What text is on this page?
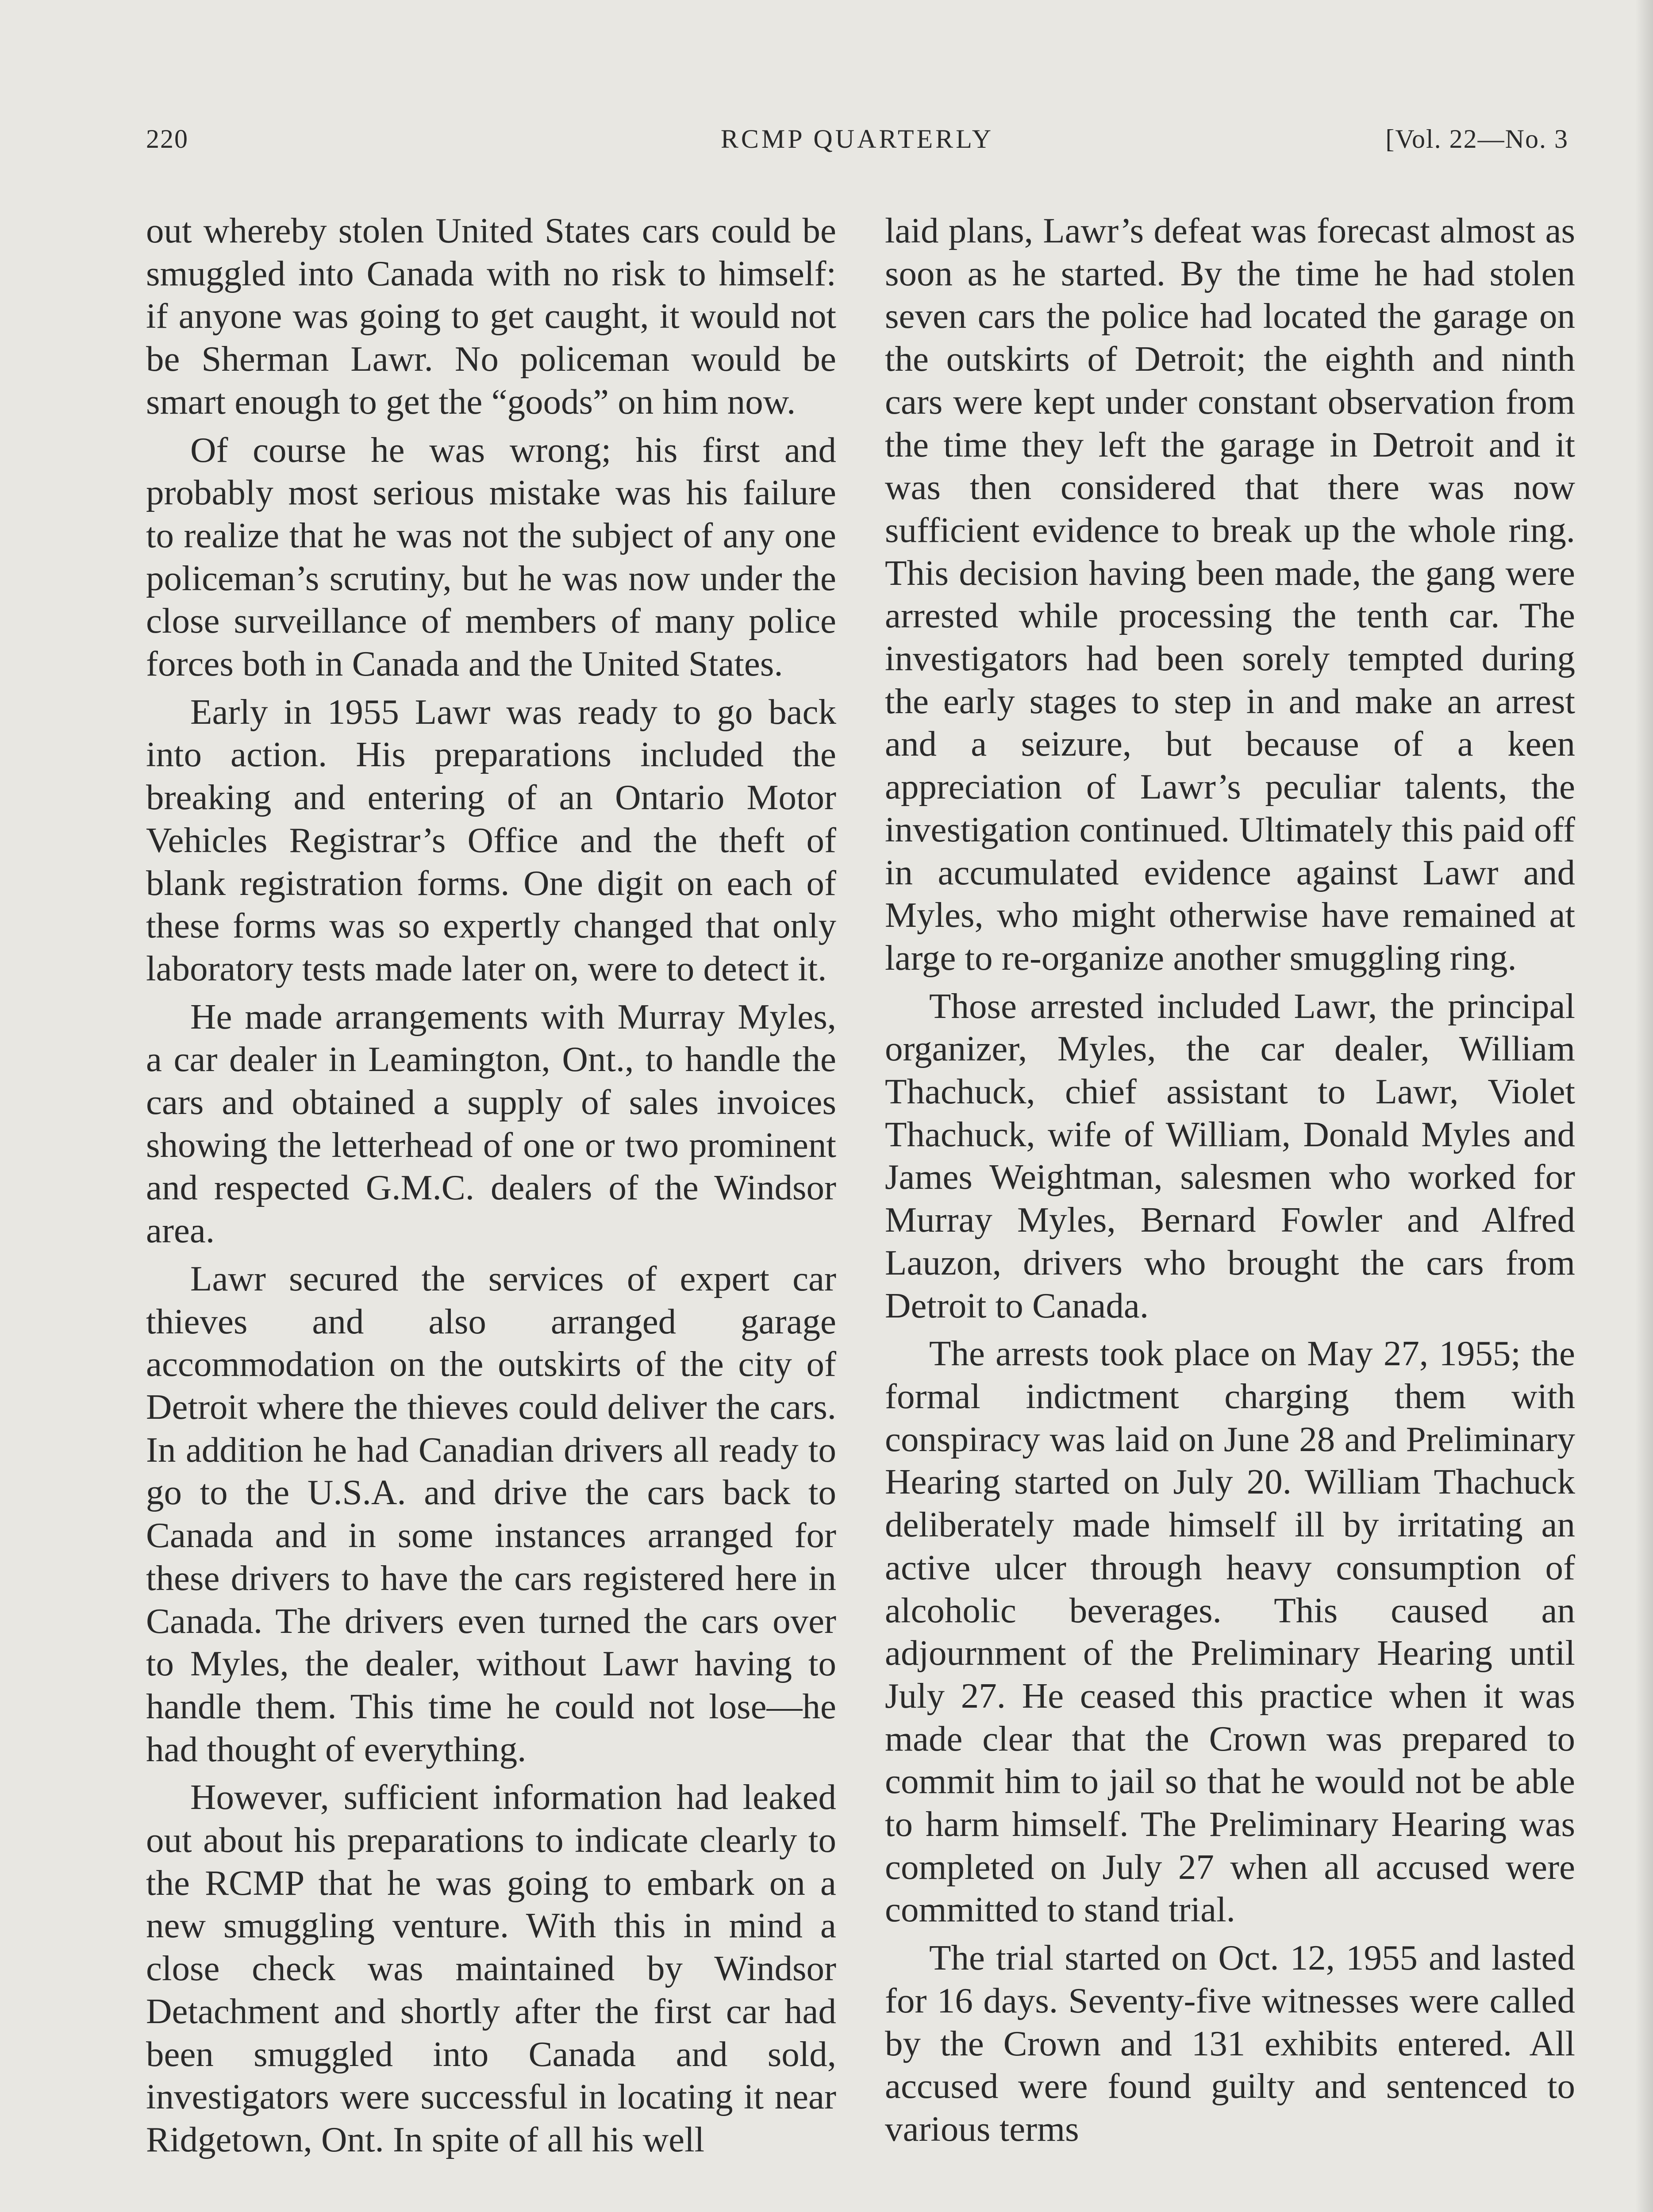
220	RCMP QUARTERLY	[Vol. 22—No. 3

out whereby stolen United States cars could be smuggled into Canada with no risk to himself: if anyone was going to get caught, it would not be Sherman Lawr. No policeman would be smart enough to get the “goods” on him now.

Of course he was wrong; his first and probably most serious mistake was his failure to realize that he was not the subject of any one policeman’s scrutiny, but he was now under the close surveillance of members of many police forces both in Canada and the United States.

Early in 1955 Lawr was ready to go back into action. His preparations included the breaking and entering of an Ontario Motor Vehicles Registrar’s Office and the theft of blank registration forms. One digit on each of these forms was so expertly changed that only laboratory tests made later on, were to detect it.

He made arrangements with Murray Myles, a car dealer in Leamington, Ont., to handle the cars and obtained a supply of sales invoices showing the letterhead of one or two prominent and respected G.M.C. dealers of the Windsor area.

Lawr secured the services of expert car thieves and also arranged garage accommodation on the outskirts of the city of Detroit where the thieves could deliver the cars. In addition he had Canadian drivers all ready to go to the U.S.A. and drive the cars back to Canada and in some instances arranged for these drivers to have the cars registered here in Canada. The drivers even turned the cars over to Myles, the dealer, without Lawr having to handle them. This time he could not lose—he had thought of everything.

However, sufficient information had leaked out about his preparations to indicate clearly to the RCMP that he was going to embark on a new smuggling venture. With this in mind a close check was maintained by Windsor Detachment and shortly after the first car had been smuggled into Canada and sold, investigators were successful in locating it near Ridgetown, Ont. In spite of all his well

laid plans, Lawr’s defeat was forecast almost as soon as he started. By the time he had stolen seven cars the police had located the garage on the outskirts of Detroit; the eighth and ninth cars were kept under constant observation from the time they left the garage in Detroit and it was then considered that there was now sufficient evidence to break up the whole ring. This decision having been made, the gang were arrested while processing the tenth car. The investigators had been sorely tempted during the early stages to step in and make an arrest and a seizure, but because of a keen appreciation of Lawr’s peculiar talents, the investigation continued. Ultimately this paid off in accumulated evidence against Lawr and Myles, who might otherwise have remained at large to re-organize another smuggling ring.

Those arrested included Lawr, the principal organizer, Myles, the car dealer, William Thachuck, chief assistant to Lawr, Violet Thachuck, wife of William, Donald Myles and James Weightman, salesmen who worked for Murray Myles, Bernard Fowler and Alfred Lauzon, drivers who brought the cars from Detroit to Canada.

The arrests took place on May 27, 1955; the formal indictment charging them with conspiracy was laid on June 28 and Preliminary Hearing started on July 20. William Thachuck deliberately made himself ill by irritating an active ulcer through heavy consumption of alcoholic beverages. This caused an adjournment of the Preliminary Hearing until July 27. He ceased this practice when it was made clear that the Crown was prepared to commit him to jail so that he would not be able to harm himself. The Preliminary Hearing was completed on July 27 when all accused were committed to stand trial.

The trial started on Oct. 12, 1955 and lasted for 16 days. Seventy-five witnesses were called by the Crown and 131 exhibits entered. All accused were found guilty and sentenced to various terms
